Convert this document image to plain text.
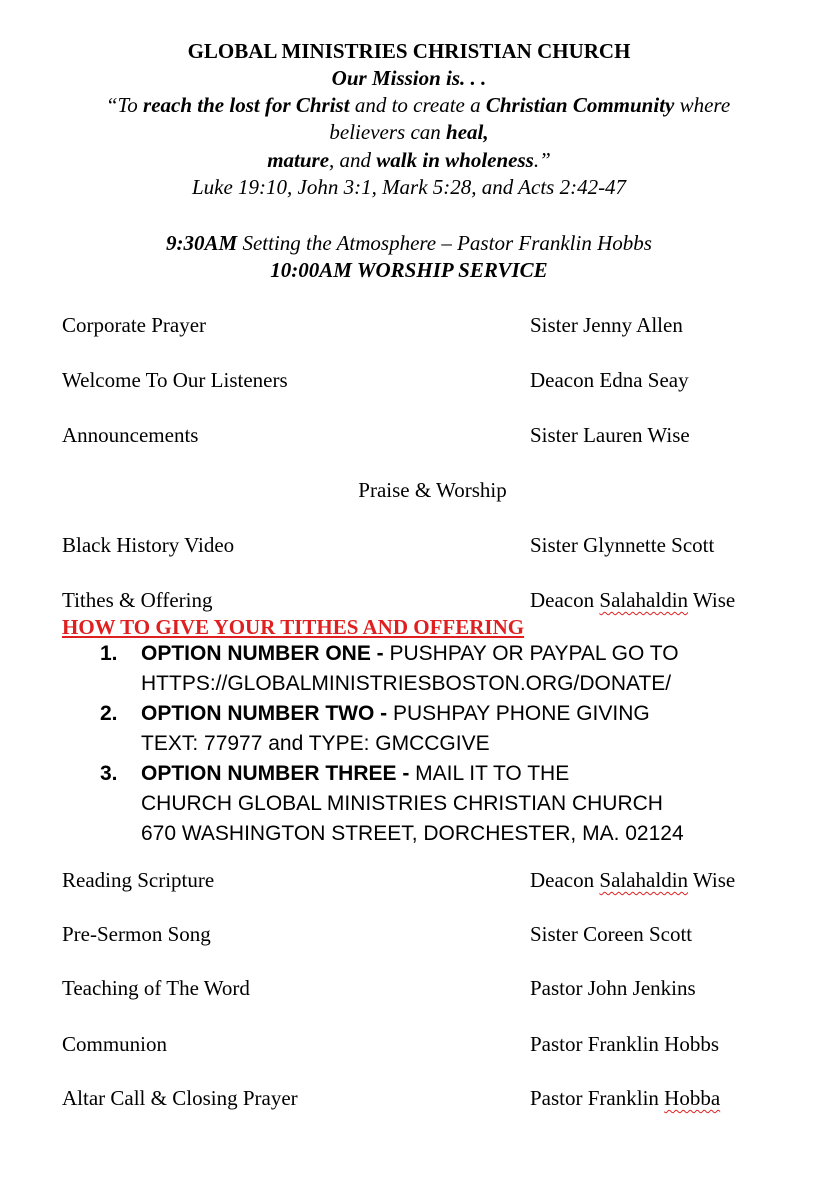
GLOBAL MINISTRIES CHRISTIAN CHURCH
Our Mission is. . .
“To reach the lost for Christ and to create a Christian Community where
believers can heal,
mature, and walk in wholeness.”
Luke 19:10, John 3:1, Mark 5:28, and Acts 2:42-47
9:30AM Setting the Atmosphere – Pastor Franklin Hobbs
10:00AM WORSHIP SERVICE
Corporate Prayer	Sister Jenny Allen
Welcome To Our Listeners	Deacon Edna Seay
Announcements	Sister Lauren Wise
Praise & Worship
Black History Video	Sister Glynnette Scott
Tithes & Offering	Deacon Salahaldin Wise
HOW TO GIVE YOUR TITHES AND OFFERING
1.	OPTION NUMBER ONE - PUSHPAY OR PAYPAL GO TO
HTTPS://GLOBALMINISTRIESBOSTON.ORG/DONATE/
2.	OPTION NUMBER TWO - PUSHPAY PHONE GIVING
TEXT: 77977 and TYPE: GMCCGIVE
3.	OPTION NUMBER THREE - MAIL IT TO THE
CHURCH GLOBAL MINISTRIES CHRISTIAN CHURCH
670 WASHINGTON STREET, DORCHESTER, MA. 02124
Reading Scripture	Deacon Salahaldin Wise
Pre-Sermon Song	Sister Coreen Scott
Teaching of The Word	Pastor John Jenkins
Communion	Pastor Franklin Hobbs
Altar Call & Closing Prayer	Pastor Franklin Hobba
